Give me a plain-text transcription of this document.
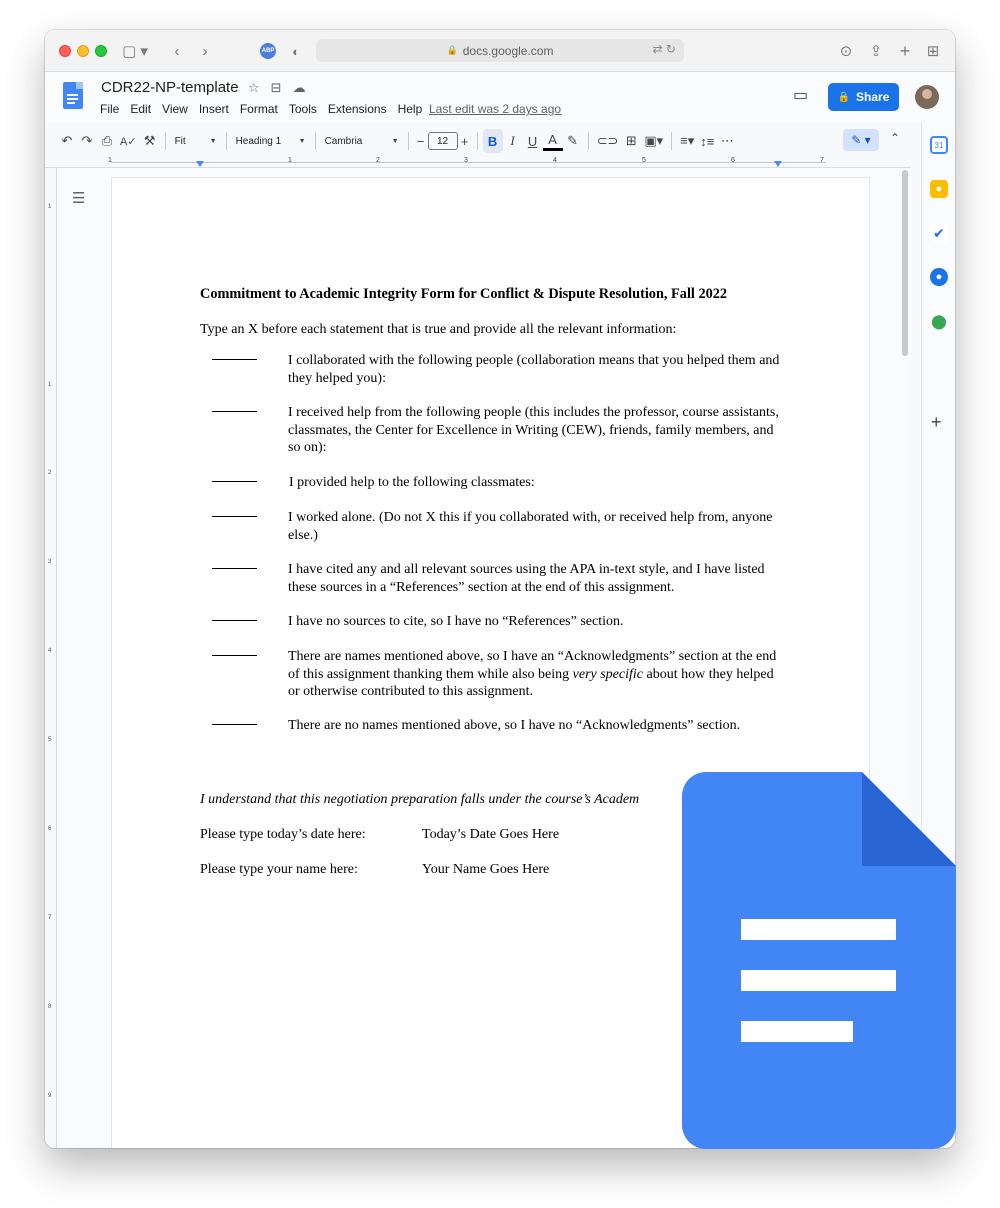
▢ ▾	‹	›	ABP	◐	🔒 docs.google.com	⇄ ↻	⊙ ⇪ + ⊞
CDR22-NP-template ☆ ⊟ ☁
File Edit View Insert Format Tools Extensions Help Last edit was 2 days ago
▭	🔒 Share
↶ ↷ ⎙ A✓ ⚒	Fit	▼ Heading 1 ▼ Cambria	▼ −	12 +	B	I	U A ✎	⊂⊃ ⊞ ▣▾ ≡▾ ↕≡ ⋯	✎ ▾	⌃	31
●
✔
●
⬤
+
1	1	2	3	4	5	6	7
1
1
2
3
4
5
6
7
8
9
☰
Commitment to Academic Integrity Form for Conflict & Dispute Resolution, Fall 2022
Type an X before each statement that is true and provide all the relevant information:
I collaborated with the following people (collaboration means that you helped them and they helped you):
I received help from the following people (this includes the professor, course assistants, classmates, the Center for Excellence in Writing (CEW), friends, family members, and so on):
I provided help to the following classmates:
I worked alone. (Do not X this if you collaborated with, or received help from, anyone else.)
I have cited any and all relevant sources using the APA in-text style, and I have listed these sources in a “References” section at the end of this assignment.
I have no sources to cite, so I have no “References” section.
There are names mentioned above, so I have an “Acknowledgments” section at the end of this assignment thanking them while also being very specific about how they helped or otherwise contributed to this assignment.
There are no names mentioned above, so I have no “Acknowledgments” section.
I understand that this negotiation preparation falls under the course’s Academ
Please type today’s date here:	Today’s Date Goes Here
Please type your name here:	Your Name Goes Here
